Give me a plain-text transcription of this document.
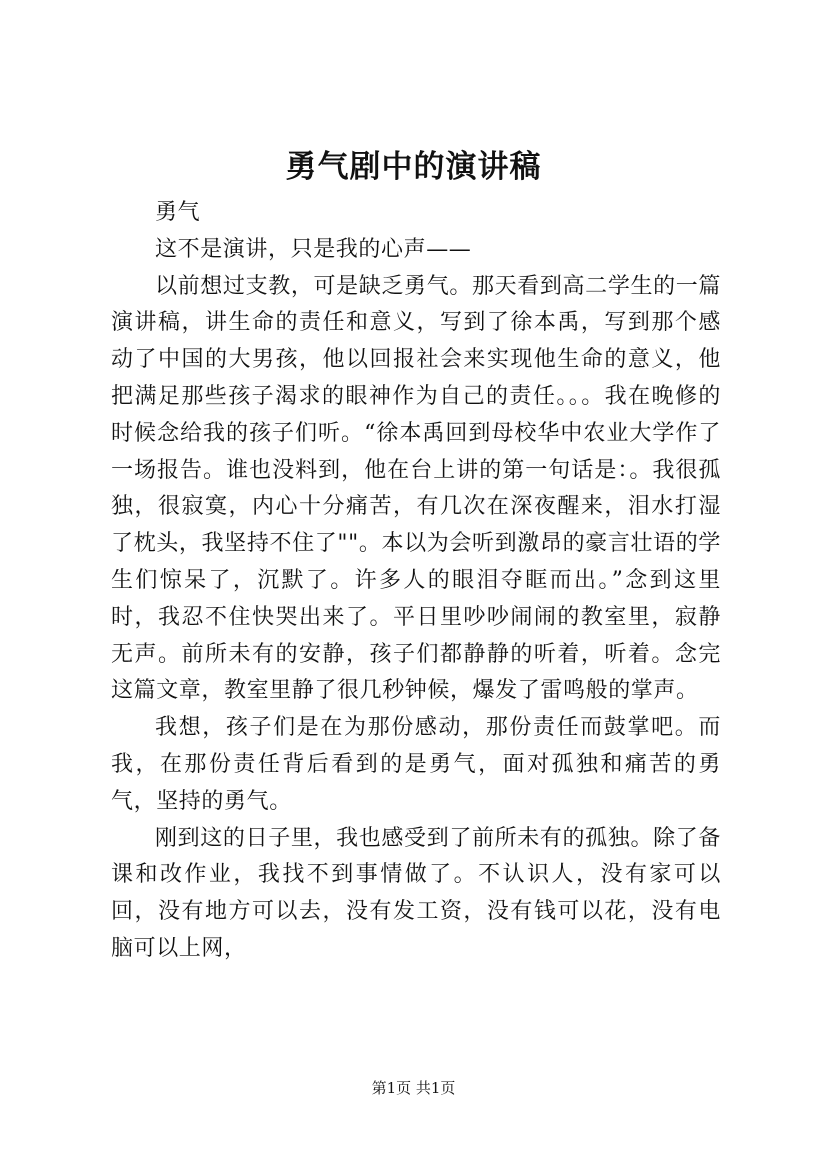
勇气剧中的演讲稿

勇气

这不是演讲，只是我的心声——

以前想过支教，可是缺乏勇气。那天看到高二学生的一篇演讲稿，讲生命的责任和意义，写到了徐本禹，写到那个感动了中国的大男孩，他以回报社会来实现他生命的意义，他把满足那些孩子渴求的眼神作为自己的责任。。。我在晚修的时候念给我的孩子们听。“徐本禹回到母校华中农业大学作了一场报告。谁也没料到，他在台上讲的第一句话是：。我很孤独，很寂寞，内心十分痛苦，有几次在深夜醒来，泪水打湿了枕头，我坚持不住了""。本以为会听到激昂的豪言壮语的学生们惊呆了，沉默了。许多人的眼泪夺眶而出。”念到这里时，我忍不住快哭出来了。平日里吵吵闹闹的教室里，寂静无声。前所未有的安静，孩子们都静静的听着，听着。念完这篇文章，教室里静了很几秒钟候，爆发了雷鸣般的掌声。

我想，孩子们是在为那份感动，那份责任而鼓掌吧。而我，在那份责任背后看到的是勇气，面对孤独和痛苦的勇气，坚持的勇气。

刚到这的日子里，我也感受到了前所未有的孤独。除了备课和改作业，我找不到事情做了。不认识人，没有家可以回，没有地方可以去，没有发工资，没有钱可以花，没有电脑可以上网，

第1页 共1页
